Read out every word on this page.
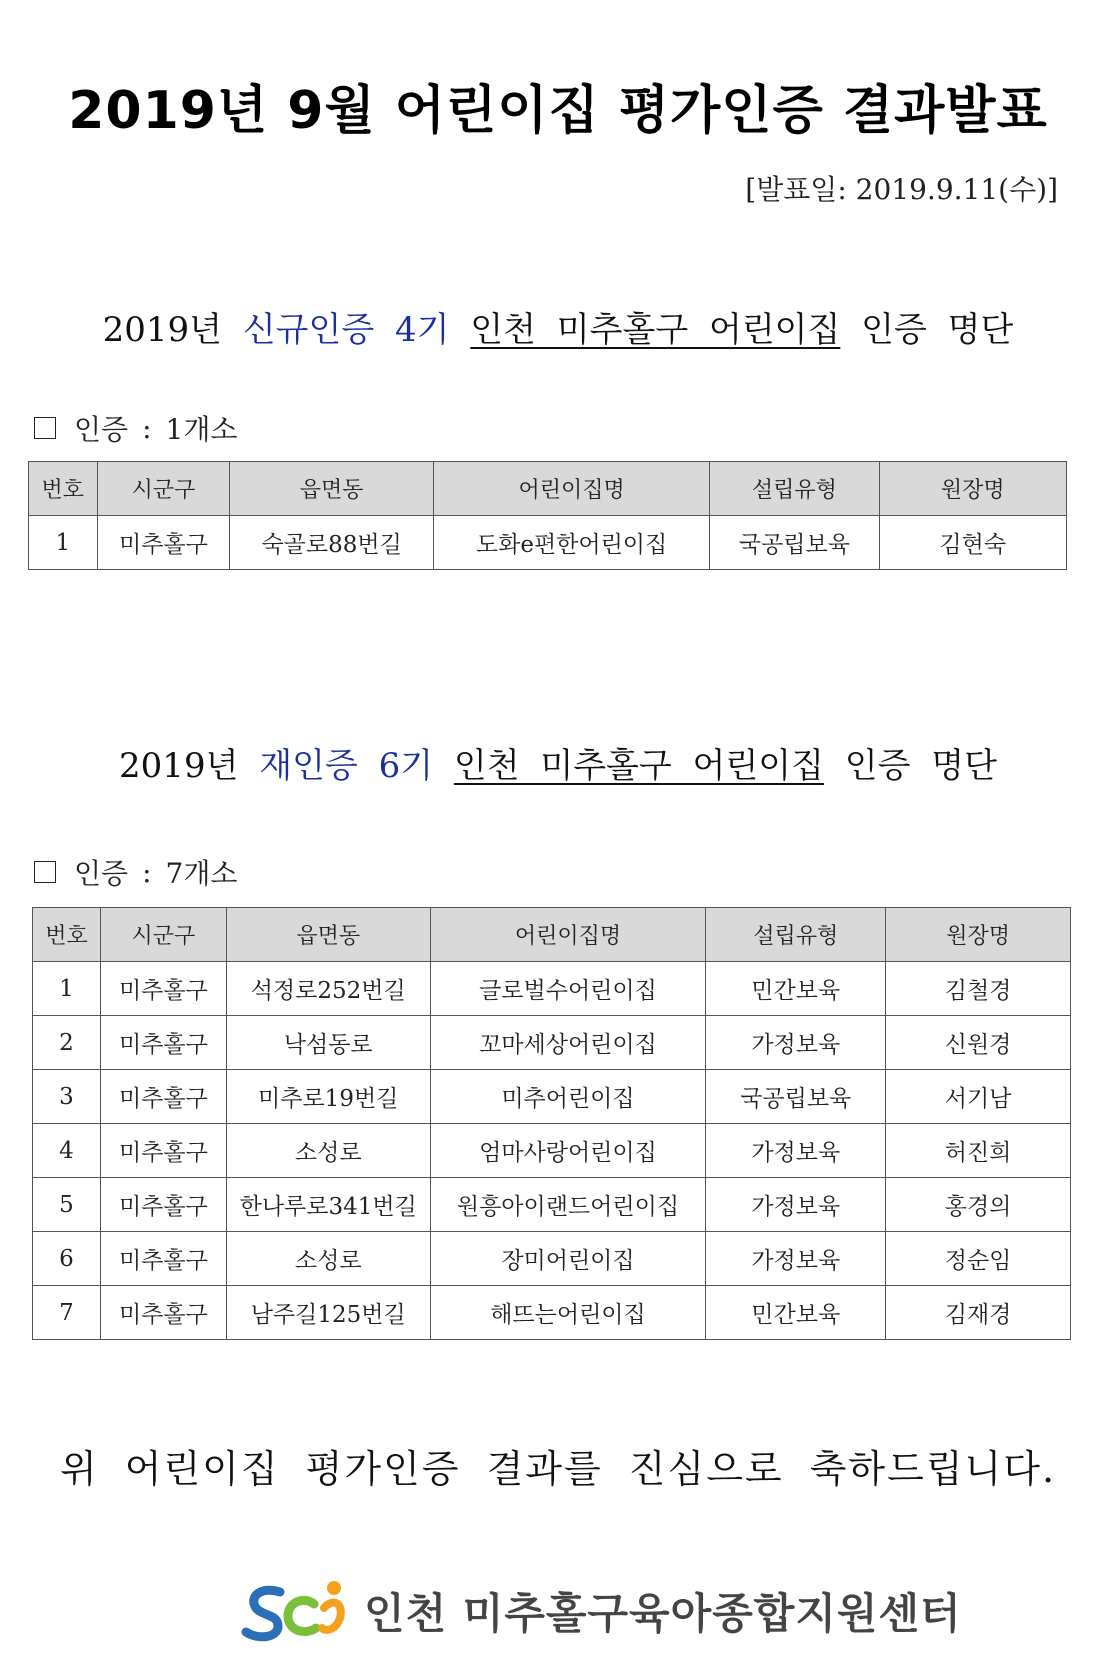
2019년 9월 어린이집 평가인증 결과발표
[발표일: 2019.9.11(수)]
2019년 신규인증 4기 인천 미추홀구 어린이집 인증 명단
인증 : 1개소
번호	시군구	읍면동	어린이집명	설립유형	원장명
1	미추홀구	숙골로88번길	도화e편한어린이집	국공립보육	김현숙
2019년 재인증 6기 인천 미추홀구 어린이집 인증 명단
인증 : 7개소
번호	시군구	읍면동	어린이집명	설립유형	원장명
1	미추홀구	석정로252번길	글로벌수어린이집	민간보육	김철경
2	미추홀구	낙섬동로	꼬마세상어린이집	가정보육	신원경
3	미추홀구	미추로19번길	미추어린이집	국공립보육	서기남
4	미추홀구	소성로	엄마사랑어린이집	가정보육	허진희
5	미추홀구	한나루로341번길	원흥아이랜드어린이집	가정보육	홍경의
6	미추홀구	소성로	장미어린이집	가정보육	정순임
7	미추홀구	남주길125번길	해뜨는어린이집	민간보육	김재경
위 어린이집 평가인증 결과를 진심으로 축하드립니다.
인천 미추홀구육아종합지원센터
